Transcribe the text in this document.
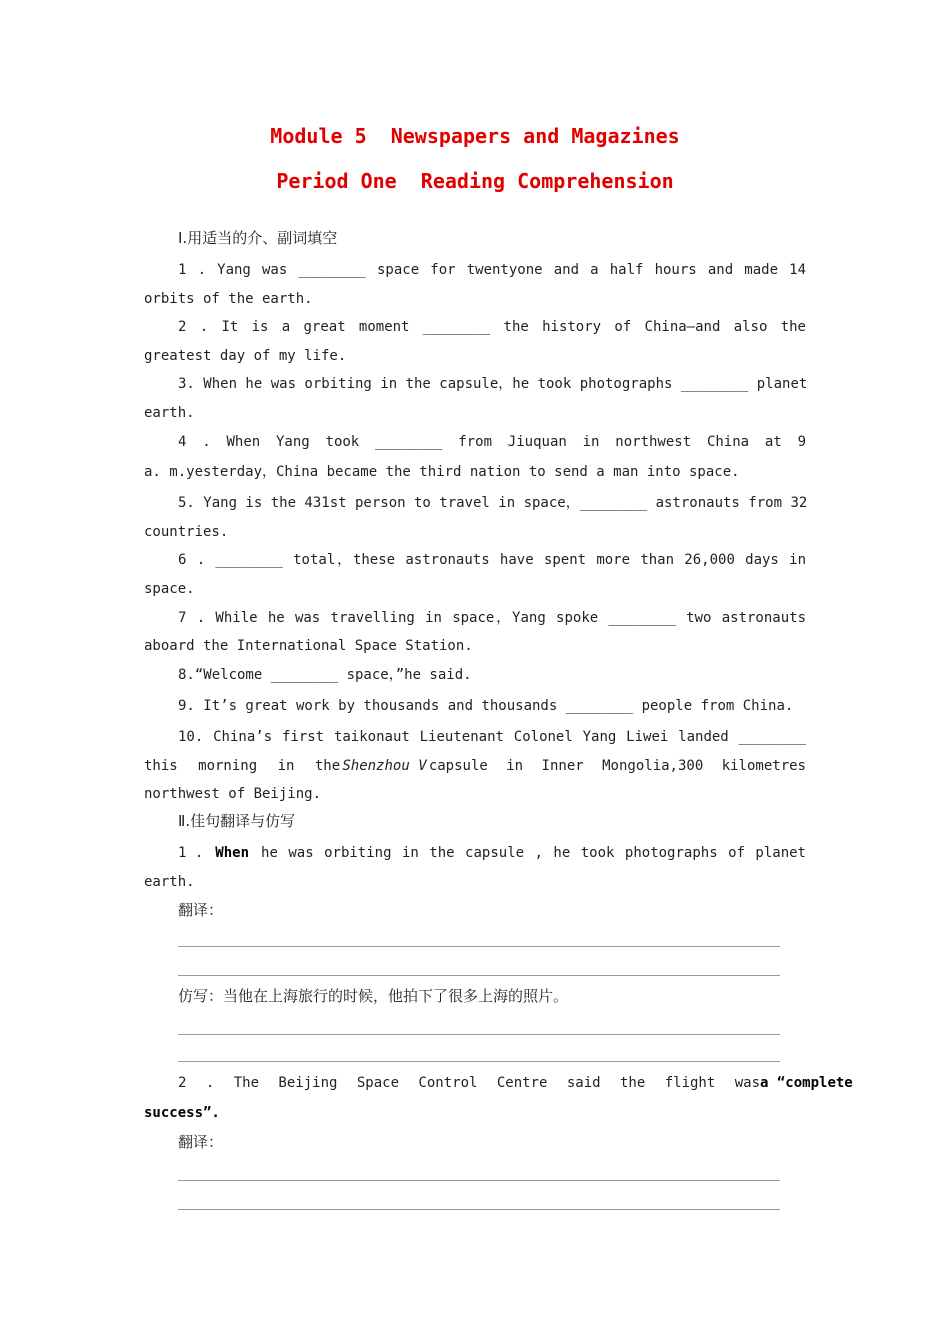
Module 5  Newspapers and Magazines
Period One  Reading Comprehension
Ⅰ.用适当的介、副词填空
1 . Yang was ________ space for twentyone and a half hours and made 14
orbits of the earth.
2 . It is a great moment ________ the history of China—and also the
greatest day of my life.
3. When he was orbiting in the capsule，he took photographs ________ planet
earth.
4 . When Yang took ________ from Jiuquan in northwest China at 9
a. m.yesterday，China became the third nation to send a man into space.
5. Yang is the 431st person to travel in space，________ astronauts from 32
countries.
6 . ________ total，these astronauts have spent more than 26,000 days in
space.
7 . While he was travelling in space，Yang spoke ________ two astronauts
aboard the International Space Station.
8.“Welcome ________ space，”he said.
9. It’s great work by thousands and thousands ________ people from China.
10. China’s first taikonaut Lieutenant Colonel Yang Liwei landed ________
this morning in the Shenzhou V capsule in Inner Mongolia,300 kilometres
northwest of Beijing.
Ⅱ.佳句翻译与仿写
1 . When he was orbiting in the capsule , he took photographs of planet
earth.
翻译：
仿写：当他在上海旅行的时候，他拍下了很多上海的照片。
2 . The Beijing Space Control Centre said the flight was a “complete
success”.
翻译：
